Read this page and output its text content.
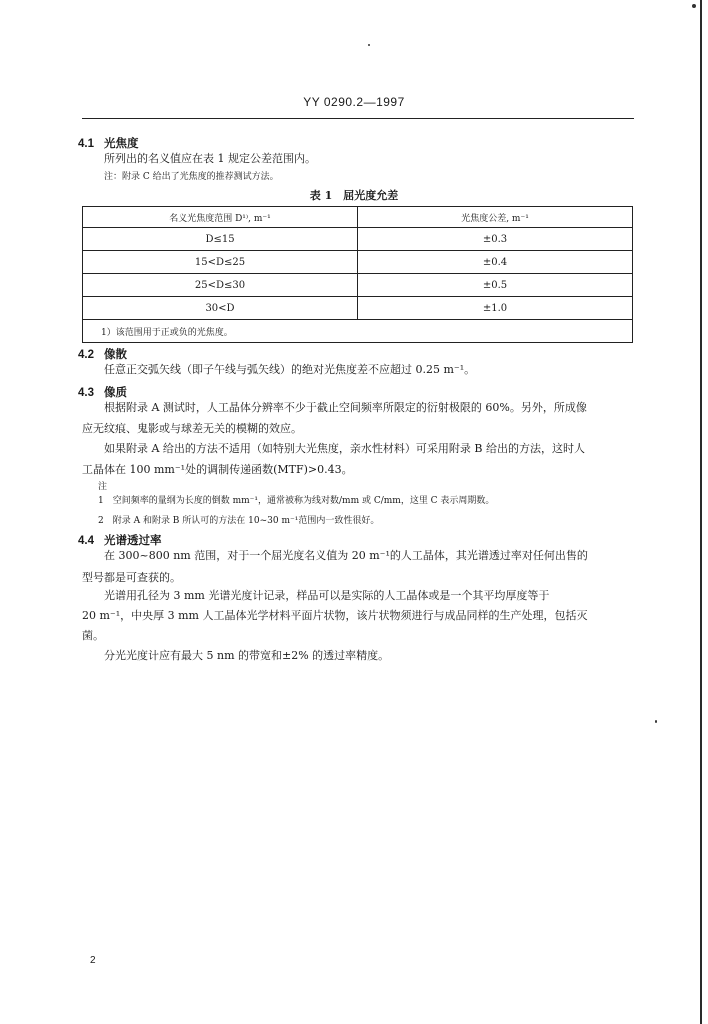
YY 0290.2—1997
4.1 光焦度
所列出的名义值应在表 1 规定公差范围内。
注：附录 C 给出了光焦度的推荐测试方法。
表 1　屈光度允差
名义光焦度范围 D¹⁾, m⁻¹	光焦度公差, m⁻¹
D≤15	±0.3
15<D≤25	±0.4
25<D≤30	±0.5
30<D	±1.0
1）该范围用于正或负的光焦度。	
4.2 像散
任意正交弧矢线（即子午线与弧矢线）的绝对光焦度差不应超过 0.25 m⁻¹。
4.3 像质
根据附录 A 测试时，人工晶体分辨率不少于截止空间频率所限定的衍射极限的 60%。另外，所成像
应无纹痕、鬼影或与球差无关的模糊的效应。
如果附录 A 给出的方法不适用（如特别大光焦度，亲水性材料）可采用附录 B 给出的方法，这时人
工晶体在 100 mm⁻¹处的调制传递函数(MTF)>0.43。
注
1　空间频率的量纲为长度的倒数 mm⁻¹，通常被称为线对数/mm 或 C/mm，这里 C 表示周期数。
2　附录 A 和附录 B 所认可的方法在 10~30 m⁻¹范围内一致性很好。
4.4 光谱透过率
在 300~800 nm 范围，对于一个屈光度名义值为 20 m⁻¹的人工晶体，其光谱透过率对任何出售的
型号都是可查获的。
光谱用孔径为 3 mm 光谱光度计记录，样品可以是实际的人工晶体或是一个其平均厚度等于
20 m⁻¹，中央厚 3 mm 人工晶体光学材料平面片状物，该片状物须进行与成品同样的生产处理，包括灭
菌。
分光光度计应有最大 5 nm 的带宽和±2% 的透过率精度。
2
